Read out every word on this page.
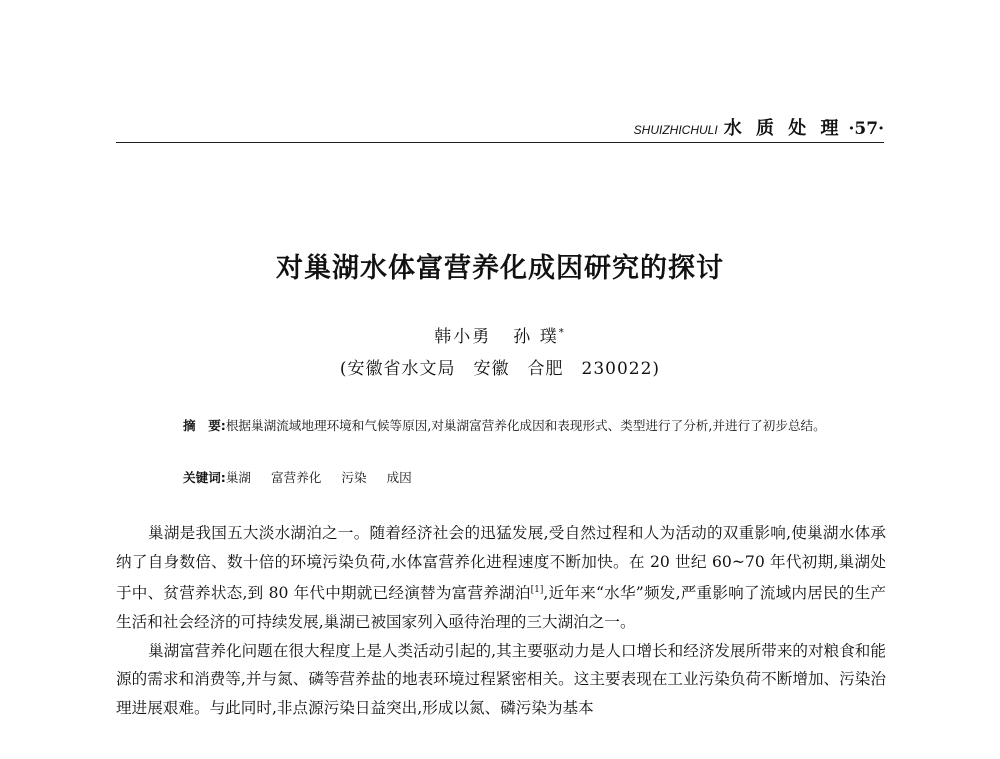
SHUIZHICHULI 水 质 处 理 ·57·
对巢湖水体富营养化成因研究的探讨
韩小勇 孙 璞*
(安徽省水文局　安徽　合肥　230022)
摘　要:根据巢湖流域地理环境和气候等原因,对巢湖富营养化成因和表现形式、类型进行了分析,并进行了初步总结。
关键词:巢湖 富营养化 污染 成因

巢湖是我国五大淡水湖泊之一。随着经济社会的迅猛发展,受自然过程和人为活动的双重影响,使巢湖水体承纳了自身数倍、数十倍的环境污染负荷,水体富营养化进程速度不断加快。在 20 世纪 60~70 年代初期,巢湖处于中、贫营养状态,到 80 年代中期就已经演替为富营养湖泊[1],近年来“水华”频发,严重影响了流域内居民的生产生活和社会经济的可持续发展,巢湖已被国家列入亟待治理的三大湖泊之一。

巢湖富营养化问题在很大程度上是人类活动引起的,其主要驱动力是人口增长和经济发展所带来的对粮食和能源的需求和消费等,并与氮、磷等营养盐的地表环境过程紧密相关。这主要表现在工业污染负荷不断增加、污染治理进展艰难。与此同时,非点源污染日益突出,形成以氮、磷污染为基本
